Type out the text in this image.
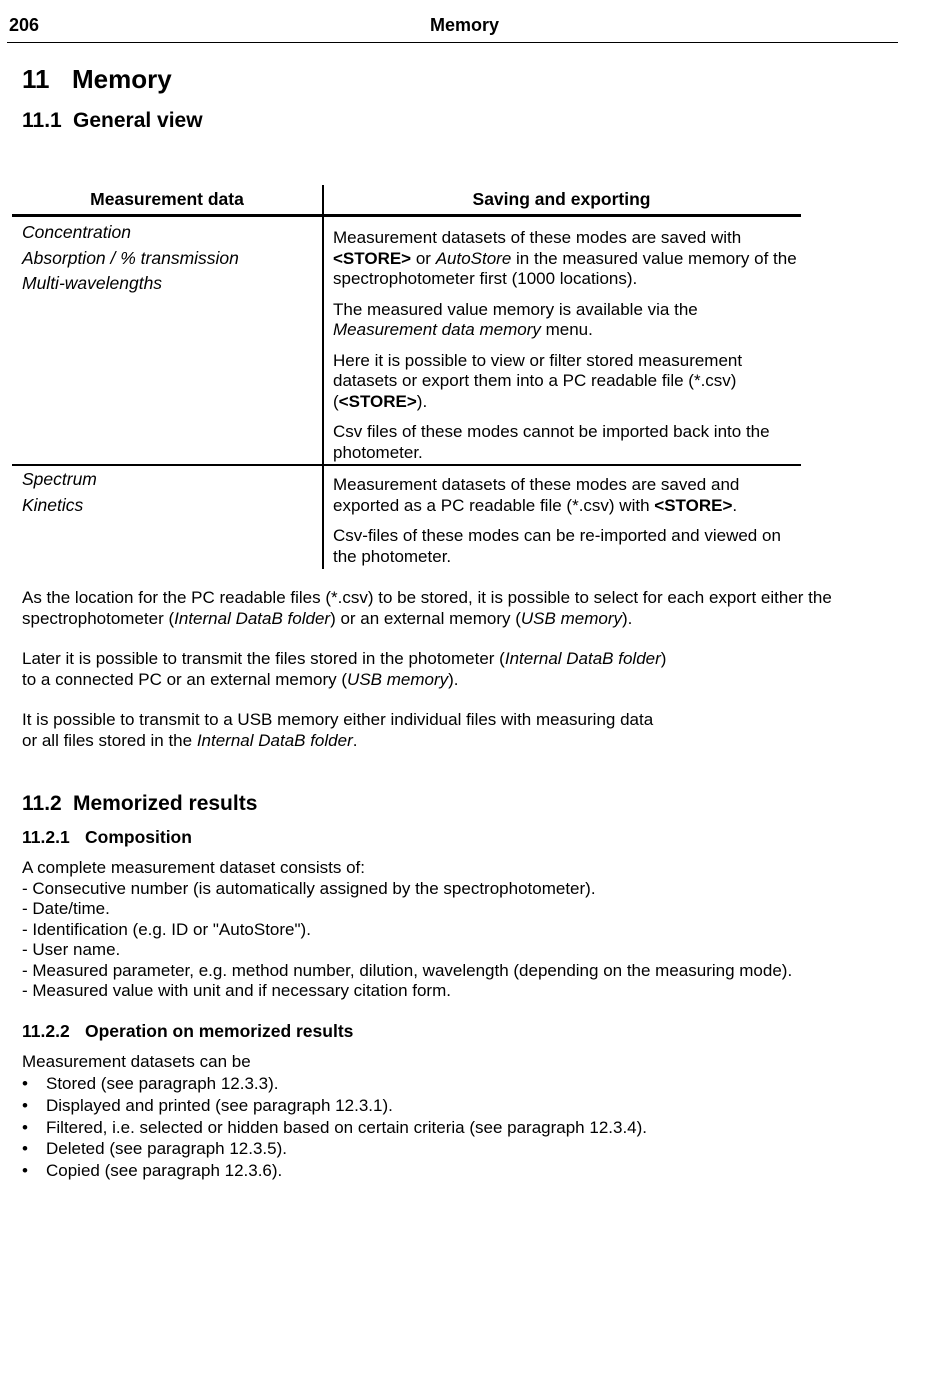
206	Memory
11 Memory
11.1 General view
Measurement data	Saving and exporting
Concentration
Absorption / % transmission
Multi-wavelengths

Measurement datasets of these modes are saved with <STORE> or AutoStore in the measured value memory of the spectrophotometer first (1000 locations).

The measured value memory is available via the Measurement data memory menu.

Here it is possible to view or filter stored measurement datasets or export them into a PC readable file (*.csv) (<STORE>).

Csv files of these modes cannot be imported back into the photometer.

Spectrum
Kinetics

Measurement datasets of these modes are saved and exported as a PC readable file (*.csv) with <STORE>.

Csv-files of these modes can be re-imported and viewed on the photometer.

As the location for the PC readable files (*.csv) to be stored, it is possible to select for each export either the spectrophotometer (Internal DataB folder) or an external memory (USB memory).

Later it is possible to transmit the files stored in the photometer (Internal DataB folder)

to a connected PC or an external memory (USB memory).

It is possible to transmit to a USB memory either individual files with measuring data

or all files stored in the Internal DataB folder.

11.2 Memorized results
11.2.1 Composition

A complete measurement dataset consists of:

- Consecutive number (is automatically assigned by the spectrophotometer).

- Date/time.

- Identification (e.g. ID or "AutoStore").

- User name.

- Measured parameter, e.g. method number, dilution, wavelength (depending on the measuring mode).

- Measured value with unit and if necessary citation form.

11.2.2 Operation on memorized results
Measurement datasets can be
• Stored (see paragraph 12.3.3).
• Displayed and printed (see paragraph 12.3.1).
• Filtered, i.e. selected or hidden based on certain criteria (see paragraph 12.3.4).
• Deleted (see paragraph 12.3.5).
• Copied (see paragraph 12.3.6).
